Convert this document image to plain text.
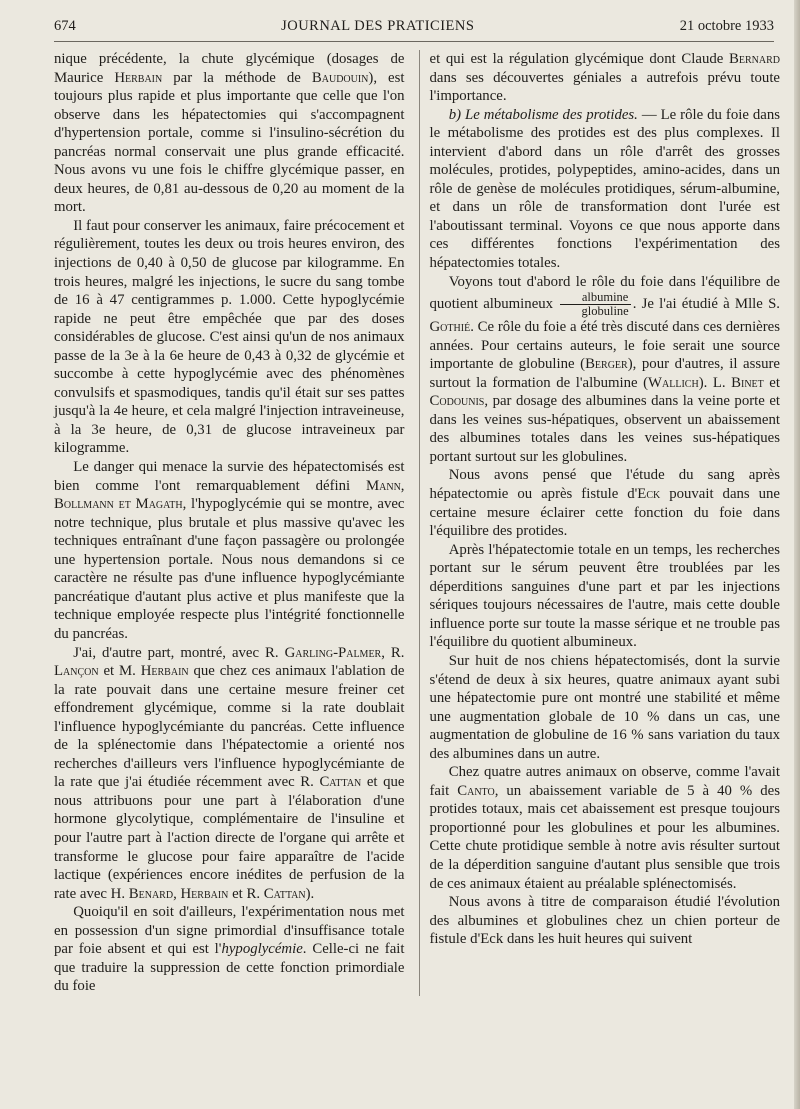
674	JOURNAL DES PRATICIENS	21 octobre 1933

nique précédente, la chute glycémique (dosages de Maurice Herbain par la méthode de Baudouin), est toujours plus rapide et plus importante que celle que l'on observe dans les hépatectomies qui s'accompagnent d'hypertension portale, comme si l'insulino-sécrétion du pancréas normal conservait une plus grande efficacité. Nous avons vu une fois le chiffre glycémique passer, en deux heures, de 0,81 au-dessous de 0,20 au moment de la mort.

Il faut pour conserver les animaux, faire précocement et régulièrement, toutes les deux ou trois heures environ, des injections de 0,40 à 0,50 de glucose par kilogramme. En trois heures, malgré les injections, le sucre du sang tombe de 16 à 47 centigrammes p. 1.000. Cette hypoglycémie rapide ne peut être empêchée que par des doses considérables de glucose. C'est ainsi qu'un de nos animaux passe de la 3e à la 6e heure de 0,43 à 0,32 de glycémie et succombe à cette hypoglycémie avec des phénomènes convulsifs et spasmodiques, tandis qu'il était sur ses pattes jusqu'à la 4e heure, et cela malgré l'injection intraveineuse, à la 3e heure, de 0,31 de glucose intraveineux par kilogramme.

Le danger qui menace la survie des hépatectomisés est bien comme l'ont remarquablement défini Mann, Bollmann et Magath, l'hypoglycémie qui se montre, avec notre technique, plus brutale et plus massive qu'avec les techniques entraînant d'une façon passagère ou prolongée une hypertension portale. Nous nous demandons si ce caractère ne résulte pas d'une influence hypoglycémiante pancréatique d'autant plus active et plus manifeste que la technique employée respecte plus l'intégrité fonctionnelle du pancréas.

J'ai, d'autre part, montré, avec R. Garling-Palmer, R. Lançon et M. Herbain que chez ces animaux l'ablation de la rate pouvait dans une certaine mesure freiner cet effondrement glycémique, comme si la rate doublait l'influence hypoglycémiante du pancréas. Cette influence de la splénectomie dans l'hépatectomie a orienté nos recherches d'ailleurs vers l'influence hypoglycémiante de la rate que j'ai étudiée récemment avec R. Cattan et que nous attribuons pour une part à l'élaboration d'une hormone glycolytique, complémentaire de l'insuline et pour l'autre part à l'action directe de l'organe qui arrête et transforme le glucose pour faire apparaître de l'acide lactique (expériences encore inédites de perfusion de la rate avec H. Benard, Herbain et R. Cattan).

Quoiqu'il en soit d'ailleurs, l'expérimentation nous met en possession d'un signe primordial d'insuffisance totale par foie absent et qui est l'hypoglycémie. Celle-ci ne fait que traduire la suppression de cette fonction primordiale du foie

et qui est la régulation glycémique dont Claude Bernard dans ses découvertes géniales a autrefois prévu toute l'importance.

b) Le métabolisme des protides. — Le rôle du foie dans le métabolisme des protides est des plus complexes. Il intervient d'abord dans un rôle d'arrêt des grosses molécules, protides, polypeptides, amino-acides, dans un rôle de genèse de molécules protidiques, sérum-albumine, et dans un rôle de transformation dont l'urée est l'aboutissant terminal. Voyons ce que nous apporte dans ces différentes fonctions l'expérimentation des hépatectomies totales.

Voyons tout d'abord le rôle du foie dans l'équilibre de quotient albumineux $\frac{\text{albumine}}{\text{globuline}}$ . Je l'ai étudié à Mlle S. Gothié. Ce rôle du foie a été très discuté dans ces dernières années. Pour certains auteurs, le foie serait une source importante de globuline (Berger), pour d'autres, il assure surtout la formation de l'albumine (Wallich). L. Binet et Codounis, par dosage des albumines dans la veine porte et dans les veines sus-hépatiques, observent un abaissement des albumines totales dans les veines sus-hépatiques portant surtout sur les globulines.

Nous avons pensé que l'étude du sang après hépatectomie ou après fistule d'Eck pouvait dans une certaine mesure éclairer cette fonction du foie dans l'équilibre des protides.

Après l'hépatectomie totale en un temps, les recherches portant sur le sérum peuvent être troublées par les déperditions sanguines d'une part et par les injections sériques toujours nécessaires de l'autre, mais cette double influence porte sur toute la masse sérique et ne trouble pas l'équilibre du quotient albumineux.

Sur huit de nos chiens hépatectomisés, dont la survie s'étend de deux à six heures, quatre animaux ayant subi une hépatectomie pure ont montré une stabilité et même une augmentation globale de 10 % dans un cas, une augmentation de globuline de 16 % sans variation du taux des albumines dans un autre.

Chez quatre autres animaux on observe, comme l'avait fait Canto, un abaissement variable de 5 à 40 % des protides totaux, mais cet abaissement est presque toujours proportionné pour les globulines et pour les albumines. Cette chute protidique semble à notre avis résulter surtout de la déperdition sanguine d'autant plus sensible que trois de ces animaux étaient au préalable splénectomisés.

Nous avons à titre de comparaison étudié l'évolution des albumines et globulines chez un chien porteur de fistule d'Eck dans les huit heures qui suivent
